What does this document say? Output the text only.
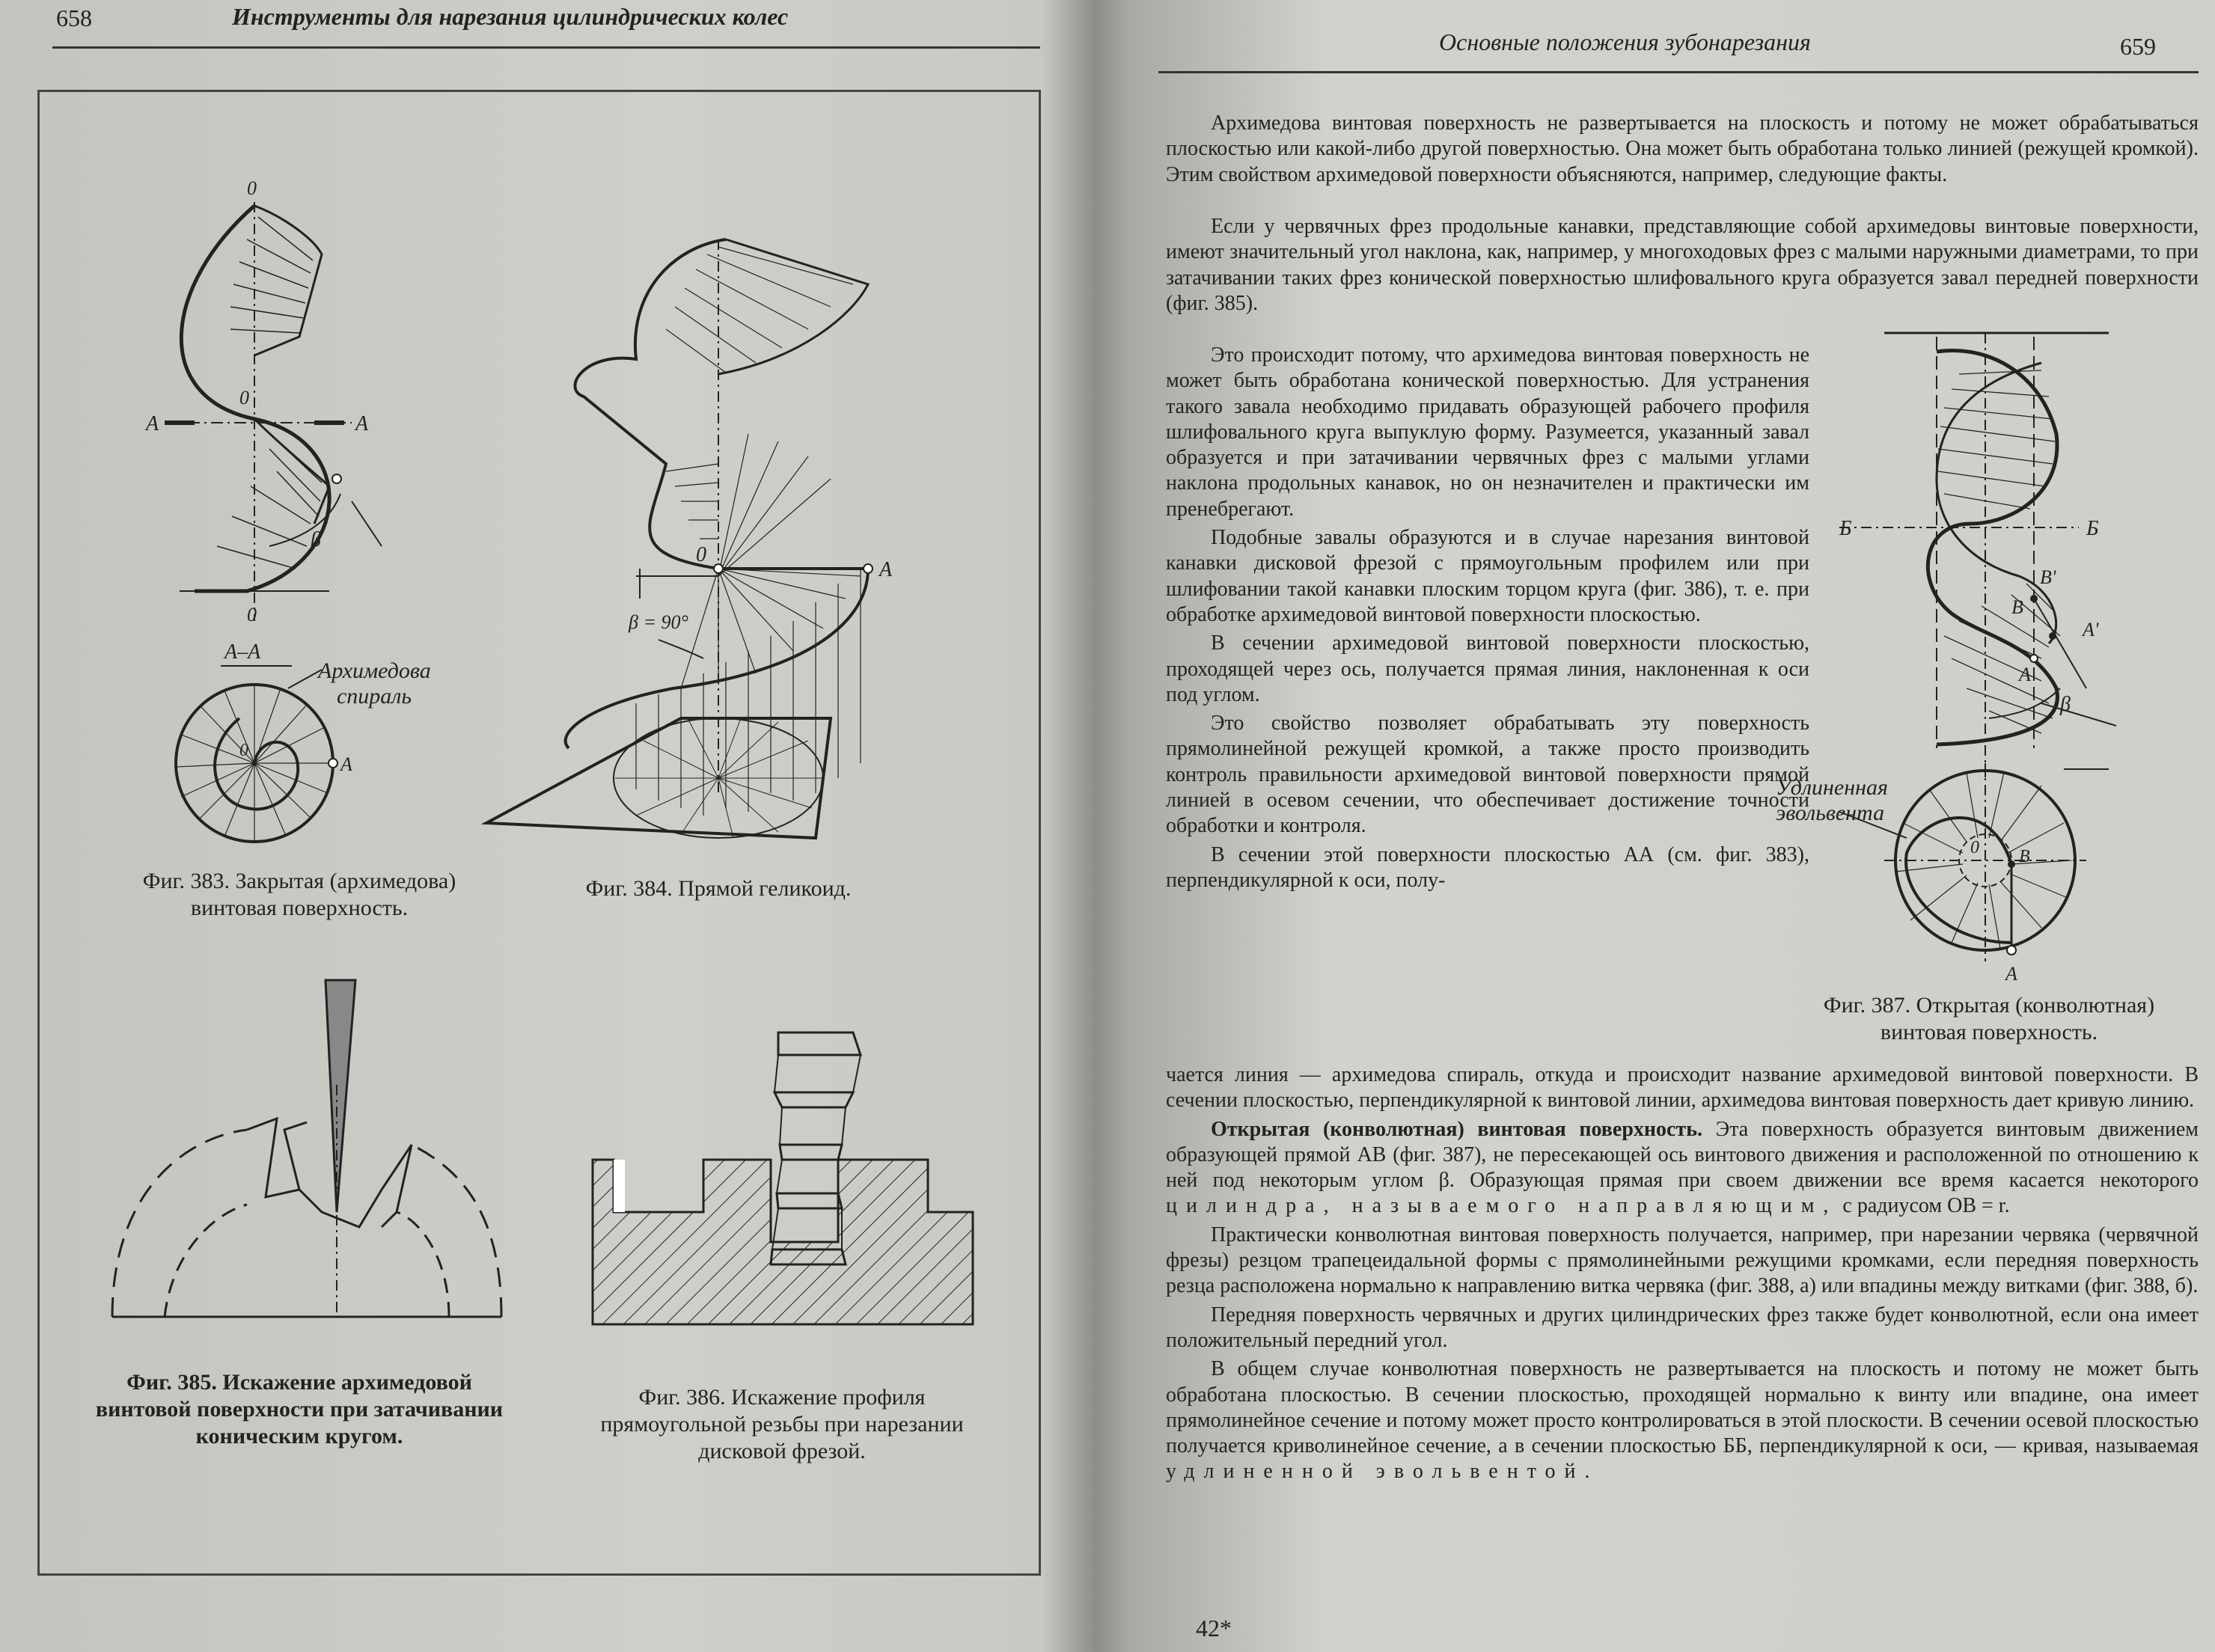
658	Инструменты для нарезания цилиндрических колес
0
0
0
A	A
β
А–А
0
A
Архимедова спираль
0
A
β = 90°
Фиг. 383. Закрытая (архимедова) винтовая поверхность.
Фиг. 384. Прямой геликоид.
Фиг. 385. Искажение архимедовой винтовой поверхности при затачивании коническим кругом.
Фиг. 386. Искажение профиля прямоугольной резьбы при нарезании дисковой фрезой.
Основные положения зубонарезания	659

Архимедова винтовая поверхность не развертывается на плоскость и потому не может обрабатываться плоскостью или какой-либо другой поверхностью. Она может быть обработана только линией (режущей кромкой). Этим свойством архимедовой поверхности объясняются, например, следующие факты.

Если у червячных фрез продольные канавки, представляющие собой архимедовы винтовые поверхности, имеют значительный угол наклона, как, например, у многоходовых фрез с малыми наружными диаметрами, то при затачивании таких фрез конической поверхностью шлифовального круга образуется завал передней поверхности (фиг. 385).

Это происходит потому, что архимедова винтовая поверхность не может быть обработана конической поверхностью. Для устранения такого завала необходимо придавать образующей рабочего профиля шлифовального круга выпуклую форму. Разумеется, указанный завал образуется и при затачивании червячных фрез с малыми углами наклона продольных канавок, но он незначителен и практически им пренебрегают.

Подобные завалы образуются и в случае нарезания винтовой канавки дисковой фрезой с прямоугольным профилем или при шлифовании такой канавки плоским торцом круга (фиг. 386), т. е. при обработке архимедовой винтовой поверхности плоскостью.

В сечении архимедовой винтовой поверхности плоскостью, проходящей через ось, получается прямая линия, наклоненная к оси под углом.

Это свойство позволяет обрабатывать эту поверхность прямолинейной режущей кромкой, а также просто производить контроль правильности архимедовой винтовой поверхности прямой линией в осевом сечении, что обеспечивает достижение точности обработки и контроля.

В сечении этой поверхности плоскостью АА (см. фиг. 383), перпендикулярной к оси, полу-

Б	Б
B'
B
A'
A
β
0 B
A
Удлиненная эвольвента
Фиг. 387. Открытая (конволютная) винтовая поверхность.

чается линия — архимедова спираль, откуда и происходит название архимедовой винтовой поверхности. В сечении плоскостью, перпендикулярной к винтовой линии, архимедова винтовая поверхность дает кривую линию.

Открытая (конволютная) винтовая поверхность. Эта поверхность образуется винтовым движением образующей прямой АВ (фиг. 387), не пересекающей ось винтового движения и расположенной по отношению к ней под некоторым углом β. Образующая прямая при своем движении все время касается некоторого цилиндра, называемого направляющим, с радиусом ОВ = r.

Практически конволютная винтовая поверхность получается, например, при нарезании червяка (червячной фрезы) резцом трапецеидальной формы с прямолинейными режущими кромками, если передняя поверхность резца расположена нормально к направлению витка червяка (фиг. 388, а) или впадины между витками (фиг. 388, б).

Передняя поверхность червячных и других цилиндрических фрез также будет конволютной, если она имеет положительный передний угол.

В общем случае конволютная поверхность не развертывается на плоскость и потому не может быть обработана плоскостью. В сечении плоскостью, проходящей нормально к винту или впадине, она имеет прямолинейное сечение и потому может просто контролироваться в этой плоскости. В сечении осевой плоскостью получается криволинейное сечение, а в сечении плоскостью ББ, перпендикулярной к оси, — кривая, называемая удлиненной эвольвентой.

42*
